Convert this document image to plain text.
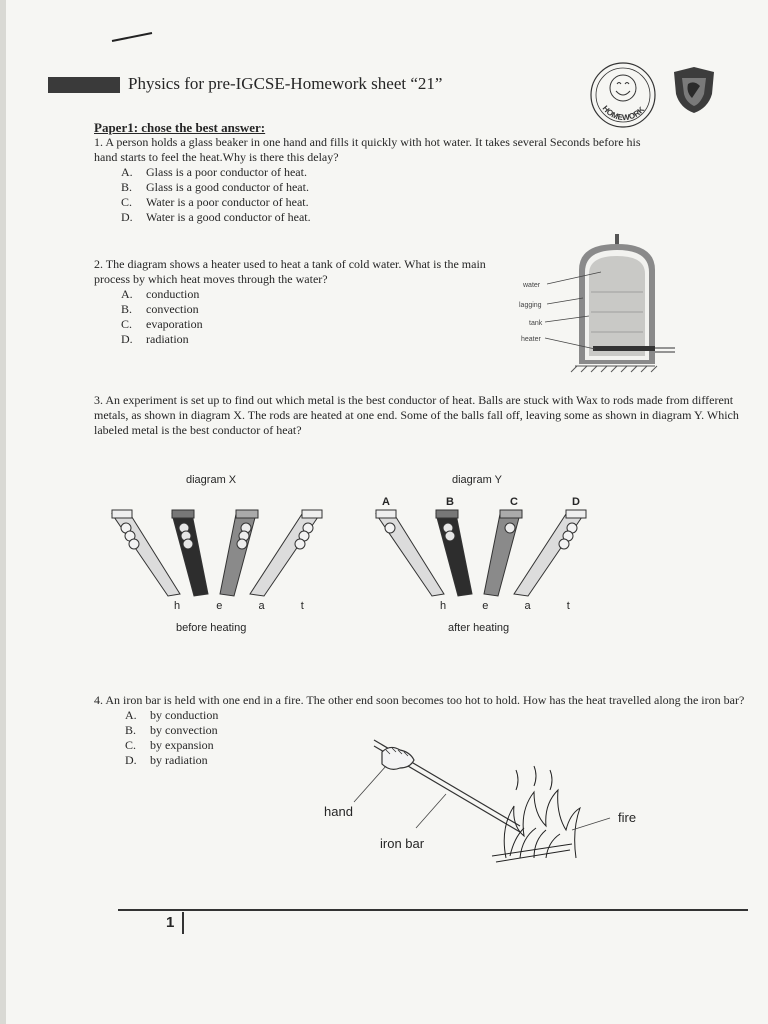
Physics for pre-IGCSE-Homework sheet “21”
HOMEWORK
Paper1: chose the best answer:
1. A person holds a glass beaker in one hand and fills it quickly with hot water. It takes several Seconds before his hand starts to feel the heat.Why is there this delay?
A. Glass is a poor conductor of heat.
B. Glass is a good conductor of heat.
C. Water is a poor conductor of heat.
D. Water is a good conductor of heat.
2. The diagram shows a heater used to heat a tank of cold water. What is the main process by which heat moves through the water?
A. conduction
B. convection
C. evaporation
D. radiation
water
lagging
tank
heater
3. An experiment is set up to find out which metal is the best conductor of heat. Balls are stuck with Wax to rods made from different metals, as shown in diagram X. The rods are heated at one end. Some of the balls fall off, leaving some as shown in diagram Y. Which labeled metal is the best conductor of heat?
diagram X	diagram Y
A	B	C	D
h  e  a  t	h  e  a  t
before heating	after heating
4. An iron bar is held with one end in a fire. The other end soon becomes too hot to hold. How has the heat travelled along the iron bar?
A. by conduction
B. by convection
C. by expansion
D. by radiation
hand
iron bar
fire
1
